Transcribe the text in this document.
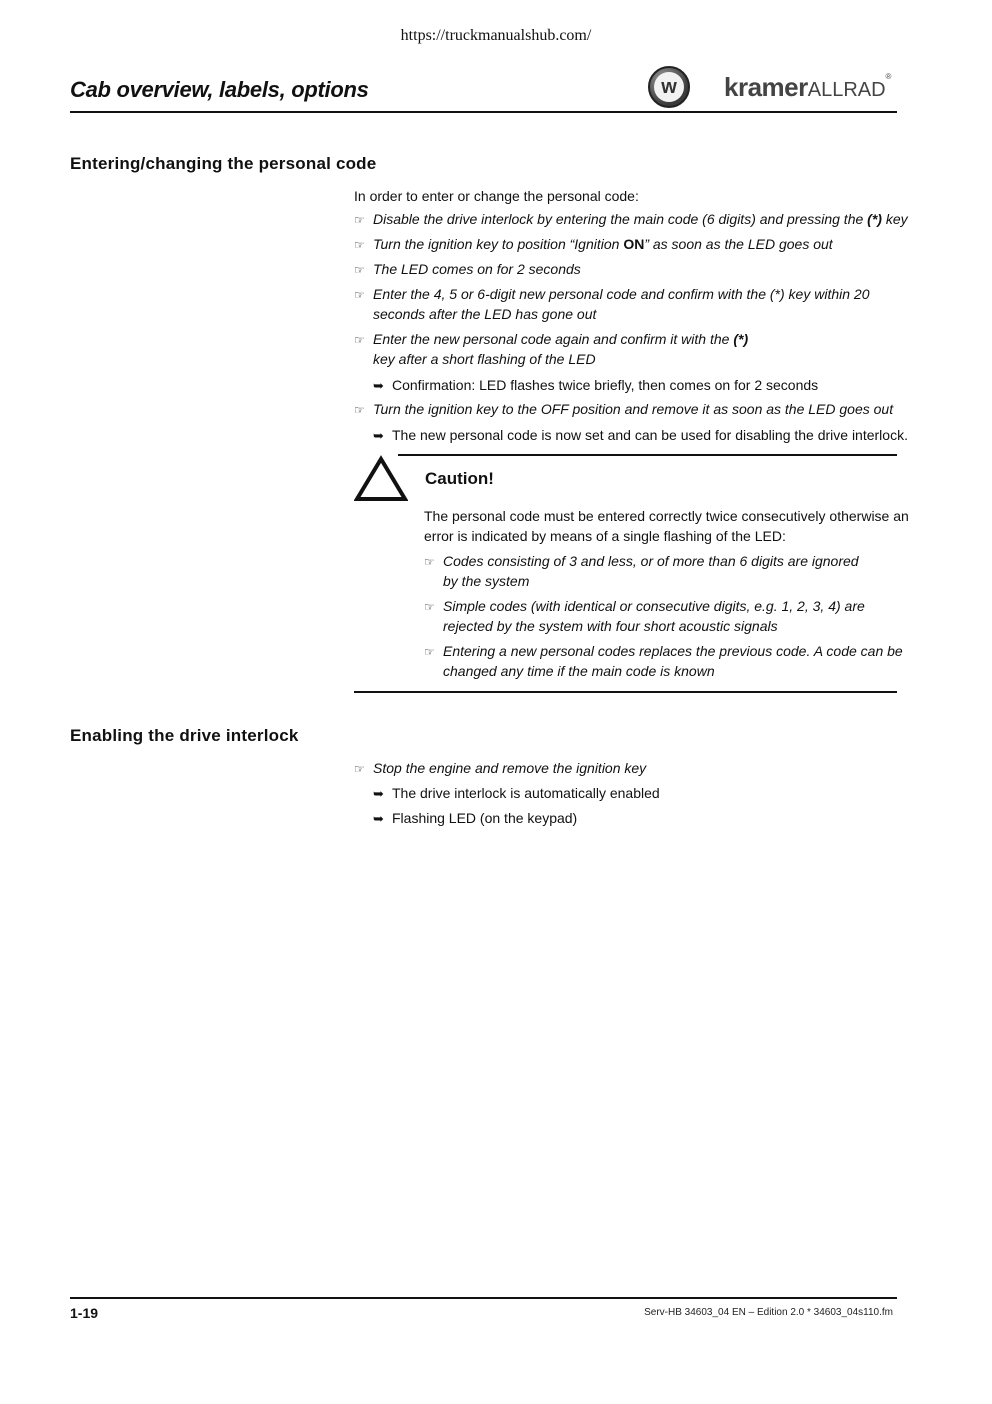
https://truckmanualshub.com/
Cab overview, labels, options	w kramerALLRAD®
Entering/changing the personal code
In order to enter or change the personal code:
☞ Disable the drive interlock by entering the main code (6 digits) and pressing the (*) key
☞ Turn the ignition key to position “Ignition ON” as soon as the LED goes out
☞ The LED comes on for 2 seconds
☞ Enter the 4, 5 or 6-digit new personal code and confirm with the (*) key within 20
seconds after the LED has gone out
☞ Enter the new personal code again and confirm it with the (*)
key after a short flashing of the LED
➥ Confirmation: LED flashes twice briefly, then comes on for 2 seconds
☞ Turn the ignition key to the OFF position and remove it as soon as the LED goes out
➥ The new personal code is now set and can be used for disabling the drive interlock.
Caution!
The personal code must be entered correctly twice consecutively otherwise an
error is indicated by means of a single flashing of the LED:
☞ Codes consisting of 3 and less, or of more than 6 digits are ignored
by the system
☞ Simple codes (with identical or consecutive digits, e.g. 1, 2, 3, 4) are
rejected by the system with four short acoustic signals
☞ Entering a new personal codes replaces the previous code. A code can be
changed any time if the main code is known
Enabling the drive interlock
☞ Stop the engine and remove the ignition key
➥ The drive interlock is automatically enabled
➥ Flashing LED (on the keypad)
1-19	Serv-HB 34603_04 EN – Edition 2.0 * 34603_04s110.fm
